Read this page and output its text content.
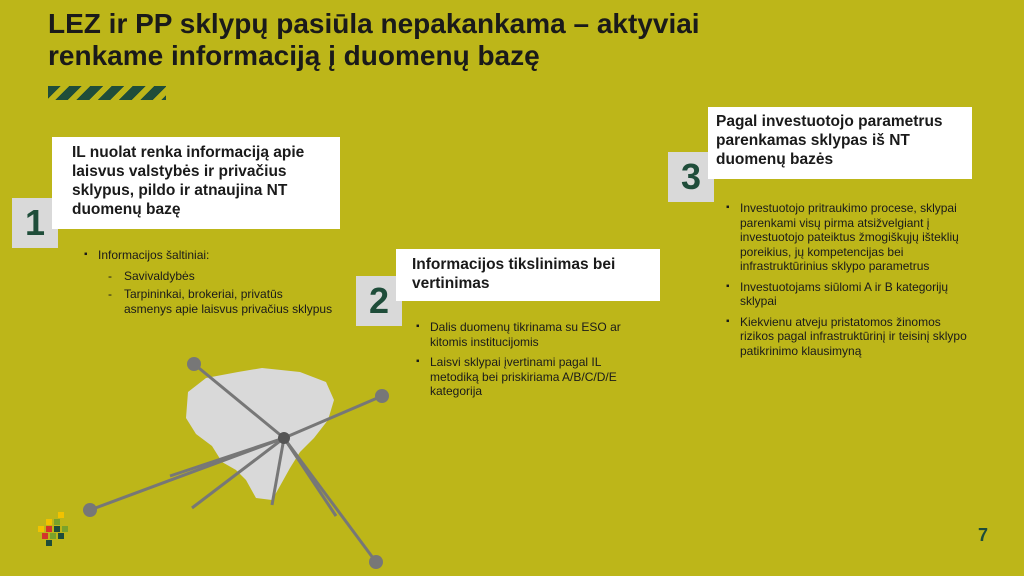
LEZ ir PP sklypų pasiūla nepakankama – aktyviai
renkame informaciją į duomenų bazę
1
IL nuolat renka informaciją apie laisvus valstybės ir privačius sklypus, pildo ir atnaujina NT duomenų bazę
▪ Informacijos šaltiniai:
- Savivaldybės
- Tarpininkai, brokeriai, privatūs asmenys apie laisvus privačius sklypus	2
Informacijos tikslinimas bei vertinimas
▪ Dalis duomenų tikrinama su ESO ar kitomis institucijomis
▪ Laisvi sklypai įvertinami pagal IL metodiką bei priskiriama A/B/C/D/E kategorija
3
Pagal investuotojo parametrus parenkamas sklypas iš NT duomenų bazės
▪ Investuotojo pritraukimo procese, sklypai parenkami visų pirma atsižvelgiant į investuotojo pateiktus žmogiškųjų išteklių poreikius, jų kompetencijas bei infrastruktūrinius sklypo parametrus
▪ Investuotojams siūlomi A ir B kategorijų sklypai
▪ Kiekvienu atveju pristatomos žinomos rizikos pagal infrastruktūrinį ir teisinį sklypo patikrinimo klausimyną
7
